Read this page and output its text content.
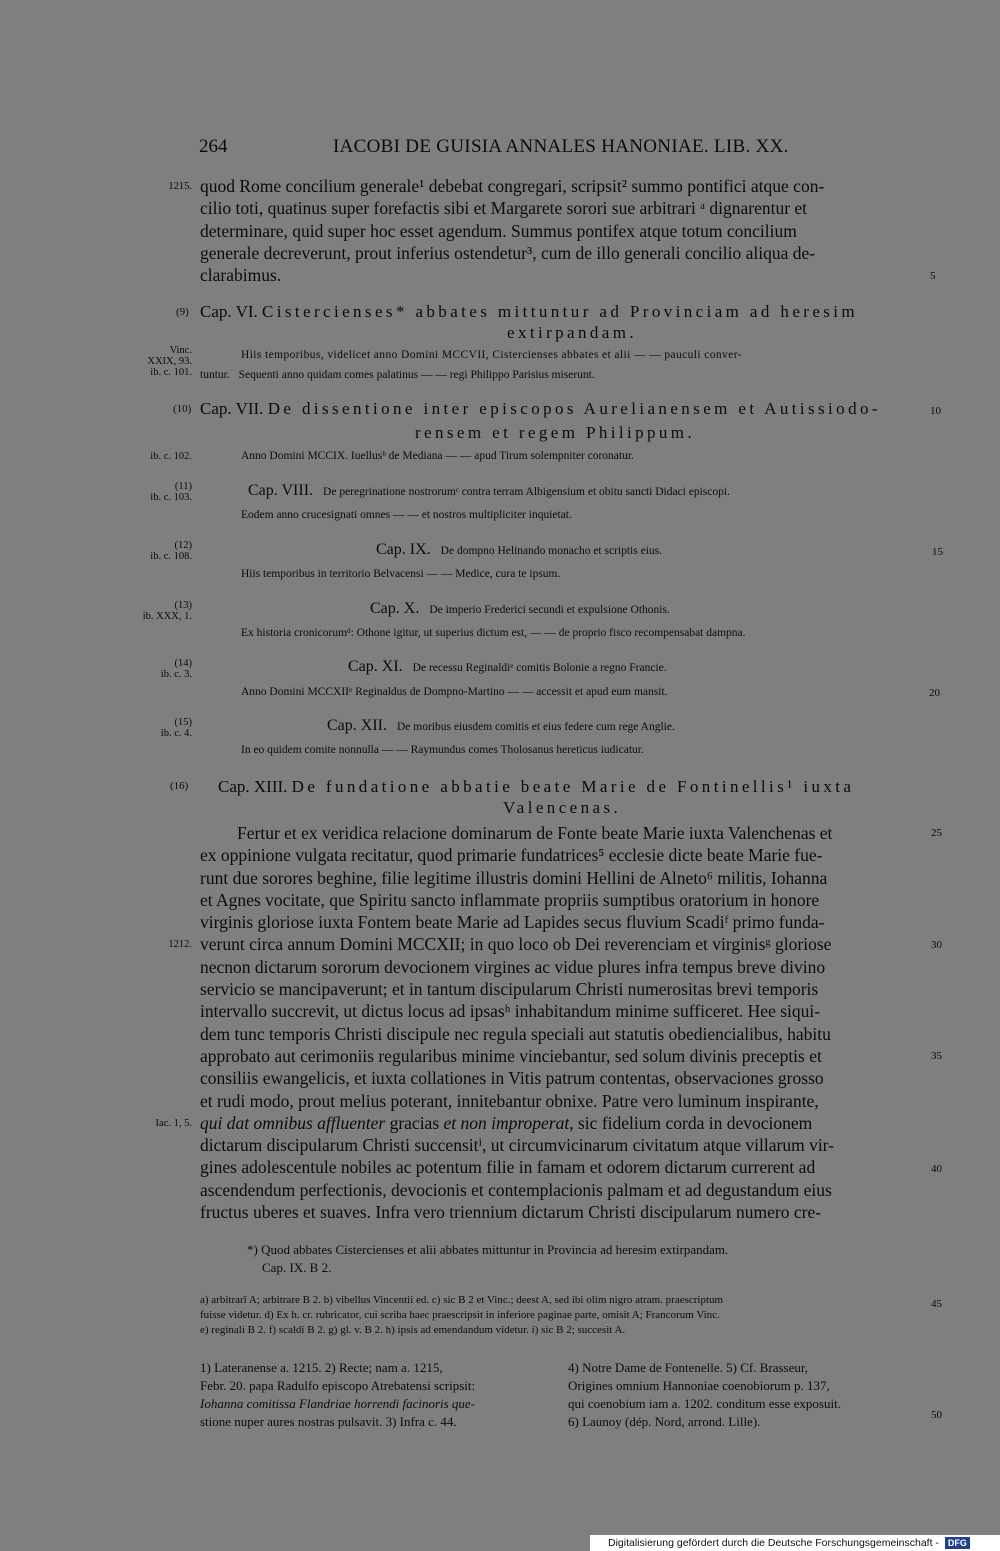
264	IACOBI DE GUISIA ANNALES HANONIAE. LIB. XX.
1215. quod Rome concilium generale¹ debebat congregari, scripsit² summo pontifici atque con-
cilio toti, quatinus super forefactis sibi et Margarete sorori sue arbitrari ᵃ dignarentur et
determinare, quid super hoc esset agendum. Summus pontifex atque totum concilium
generale decreverunt, prout inferius ostendetur³, cum de illo generali concilio aliqua de-
clarabimus.	5
(9) Cap. VI. Cistercienses* abbates mittuntur ad Provinciam ad heresim
extirpandam.
Vinc.
XXIX, 93.
ib. c. 101.
Hiis temporibus, videlicet anno Domini MCCVII, Cistercienses abbates et alii — — pauculi conver-
tuntur. Sequenti anno quidam comes palatinus — — regi Philippo Parisius miserunt.
(10) Cap. VII. De dissentione inter episcopos Aurelianensem et Autissiodo-	10
rensem et regem Philippum.
ib. c. 102.	Anno Domini MCCIX. Iuellusᵇ de Mediana — — apud Tirum solempniter coronatur.
(11)
ib. c. 103.	Cap. VIII. De peregrinatione nostrorumᶜ contra terram Albigensium et obitu sancti Didaci episcopi.
Eodem anno crucesignati omnes — — et nostros multipliciter inquietat.
(12)
ib. c. 108.	Cap. IX. De dompno Helinando monacho et scriptis eius.	15
Hiis temporibus in territorio Belvacensi — — Medice, cura te ipsum.
(13)
ib. XXX, 1.	Cap. X. De imperio Frederici secundi et expulsione Othonis.
Ex historia cronicorumᵈ: Othone igitur, ut superius dictum est, — — de proprio fisco recompensabat dampna.
(14)
ib. c. 3.	Cap. XI. De recessu Reginaldiᵉ comitis Bolonie a regno Francie.
20
Anno Domini MCCXIIᵒ Reginaldus de Dompno-Martino — — accessit et apud eum mansit.
(15)
ib. c. 4.	Cap. XII. De moribus eiusdem comitis et eius federe cum rege Anglie.
In eo quidem comite nonnulla — — Raymundus comes Tholosanus hereticus iudicatur.
(16) Cap. XIII. De fundatione abbatie beate Marie de Fontinellis¹ iuxta
Valencenas.
Fertur et ex veridica relacione dominarum de Fonte beate Marie iuxta Valenchenas et
ex oppinione vulgata recitatur, quod primarie fundatrices⁵ ecclesie dicte beate Marie fue-
runt due sorores beghine, filie legitime illustris domini Hellini de Alneto⁶ militis, Iohanna
et Agnes vocitate, que Spiritu sancto inflammate propriis sumptibus oratorium in honore
virginis gloriose iuxta Fontem beate Marie ad Lapides secus fluvium Scadiᶠ primo funda-
verunt circa annum Domini MCCXII; in quo loco ob Dei reverenciam et virginisᵍ gloriose
necnon dictarum sororum devocionem virgines ac vidue plures infra tempus breve divino
servicio se mancipaverunt; et in tantum discipularum Christi numerositas brevi temporis
intervallo succrevit, ut dictus locus ad ipsasʰ inhabitandum minime sufficeret. Hee siqui-
dem tunc temporis Christi discipule nec regula speciali aut statutis obediencialibus, habitu
approbato aut cerimoniis regularibus minime vinciebantur, sed solum divinis preceptis et
consiliis ewangelicis, et iuxta collationes in Vitis patrum contentas, observaciones grosso
et rudi modo, prout melius poterant, innitebantur obnixe. Patre vero luminum inspirante,
qui dat omnibus affluenter gracias et non improperat, sic fidelium corda in devocionem
dictarum discipularum Christi succensitⁱ, ut circumvicinarum civitatum atque villarum vir-
gines adolescentule nobiles ac potentum filie in famam et odorem dictarum currerent ad
ascendendum perfectionis, devocionis et contemplacionis palmam et ad degustandum eius
fructus uberes et suaves. Infra vero triennium dictarum Christi discipularum numero cre-
25
1212.	30
35
Iac. 1, 5.
40
*) Quod abbates Cistercienses et alii abbates mittuntur in Provincia ad heresim extirpandam.
Cap. IX. B 2.
a) arbitrarī A; arbitrare B 2. b) vibellus Vincentii ed. c) sic B 2 et Vinc.; deest A, sed ibi olim nigro atram. praescriptum
fuisse videtur. d) Ex h. cr. rubricator, cui scriba haec praescripsit in inferiore paginae parte, omisit A; Francorum Vinc.
e) reginali B 2. f) scaldi B 2. g) gl. v. B 2. h) ipsis ad emendandum videtur. i) sic B 2; succesit A.
45
1) Lateranense a. 1215. 2) Recte; nam a. 1215,
Febr. 20. papa Radulfo episcopo Atrebatensi scripsit:
Iohanna comitissa Flandriae horrendi facinoris que-
stione nuper aures nostras pulsavit. 3) Infra c. 44.
4) Notre Dame de Fontenelle. 5) Cf. Brasseur,
Origines omnium Hannoniae coenobiorum p. 137,
qui coenobium iam a. 1202. conditum esse exposuit.
6) Launoy (dép. Nord, arrond. Lille).	50
Digitalisierung gefördert durch die Deutsche Forschungsgemeinschaft - DFG
